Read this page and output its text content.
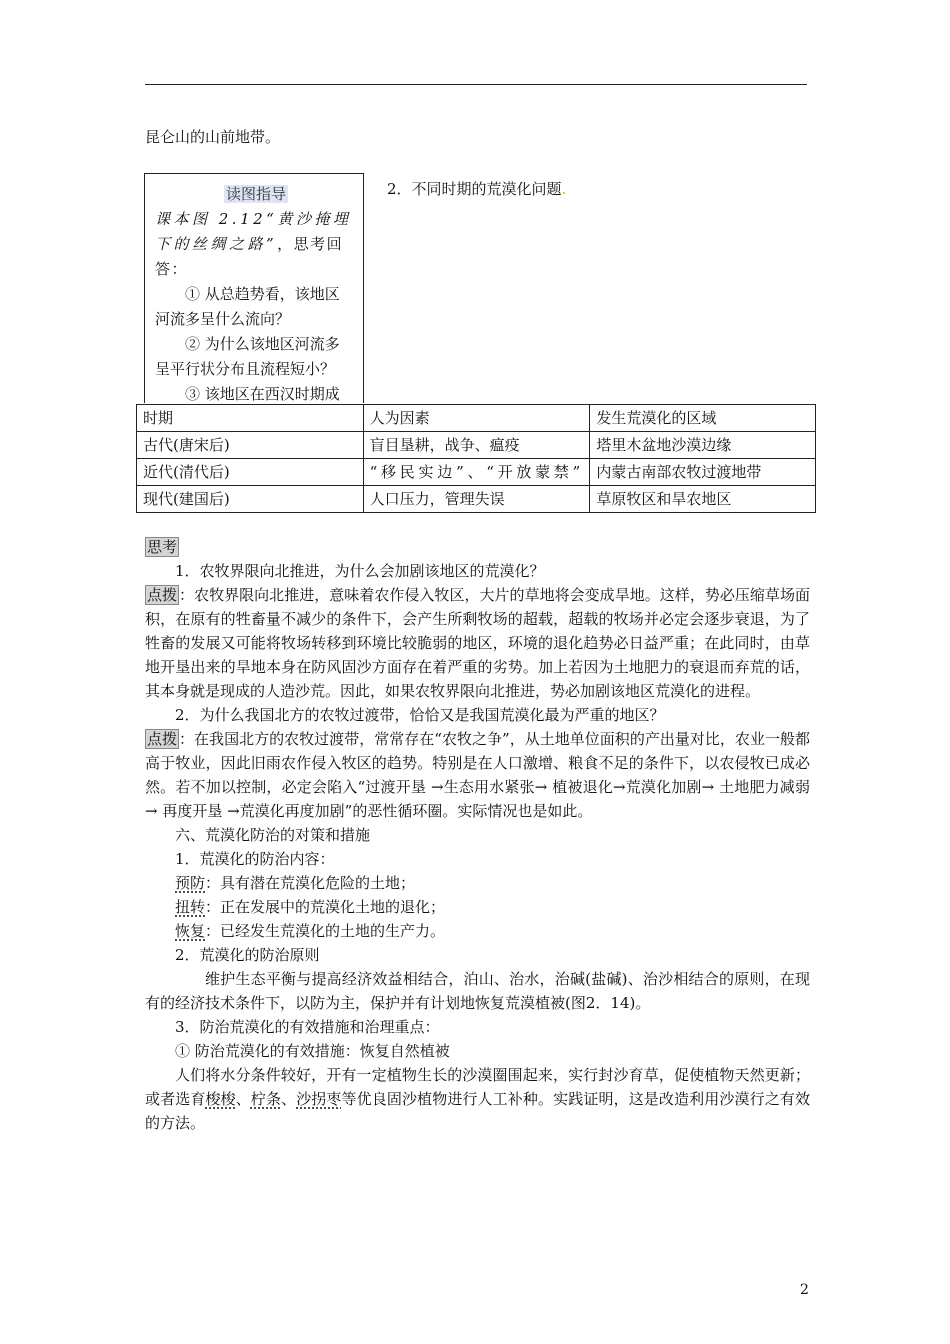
昆仑山的山前地带。
读图指导

课本图 2.12“黄沙掩埋下的丝绸之路”，思考回答：

① 从总趋势看，该地区

河流多呈什么流向？

② 为什么该地区河流多

呈平行状分布且流程短小？

③ 该地区在西汉时期成

2．不同时期的荒漠化问题.
时期	人为因素	发生荒漠化的区域
古代(唐宋后)	盲目垦耕，战争、瘟疫	塔里木盆地沙漠边缘
近代(清代后)	“移民实边”、“开放蒙禁”	内蒙古南部农牧过渡地带
现代(建国后)	人口压力，管理失误	草原牧区和旱农地区

思考

1．农牧界限向北推进，为什么会加剧该地区的荒漠化？

点拨 ：农牧界限向北推进，意味着农作侵入牧区，大片的草地将会变成旱地。这样，势必压缩草场面积，在原有的牲畜量不减少的条件下，会产生所剩牧场的超载，超载的牧场并必定会逐步衰退，为了牲畜的发展又可能将牧场转移到环境比较脆弱的地区，环境的退化趋势必日益严重；在此同时，由草地开垦出来的旱地本身在防风固沙方面存在着严重的劣势。加上若因为土地肥力的衰退而弃荒的话，其本身就是现成的人造沙荒。因此，如果农牧界限向北推进，势必加剧该地区荒漠化的进程。

2．为什么我国北方的农牧过渡带，恰恰又是我国荒漠化最为严重的地区？

点拨 ：在我国北方的农牧过渡带，常常存在“农牧之争”，从土地单位面积的产出量对比，农业一般都高于牧业，因此旧雨农作侵入牧区的趋势。特别是在人口激增、粮食不足的条件下，以农侵牧已成必然。若不加以控制，必定会陷入“过渡开垦 →生态用水紧张→ 植被退化→荒漠化加剧→ 土地肥力减弱→ 再度开垦 →荒漠化再度加剧”的恶性循环圈。实际情况也是如此。

六、荒漠化防治的对策和措施

1．荒漠化的防治内容：

预防：具有潜在荒漠化危险的土地；

扭转：正在发展中的荒漠化土地的退化；

恢复：已经发生荒漠化的土地的生产力。

2．荒漠化的防治原则

维护生态平衡与提高经济效益相结合，泊山、治水，治碱(盐碱)、治沙相结合的原则，在现有的经济技术条件下，以防为主，保护并有计划地恢复荒漠植被(图2．14)。

3．防治荒漠化的有效措施和治理重点：

① 防治荒漠化的有效措施：恢复自然植被

人们将水分条件较好，开有一定植物生长的沙漠圈围起来，实行封沙育草，促使植物天然更新；或者选育梭梭、柠条、沙拐枣等优良固沙植物进行人工补种。实践证明，这是改造利用沙漠行之有效的方法。

2
